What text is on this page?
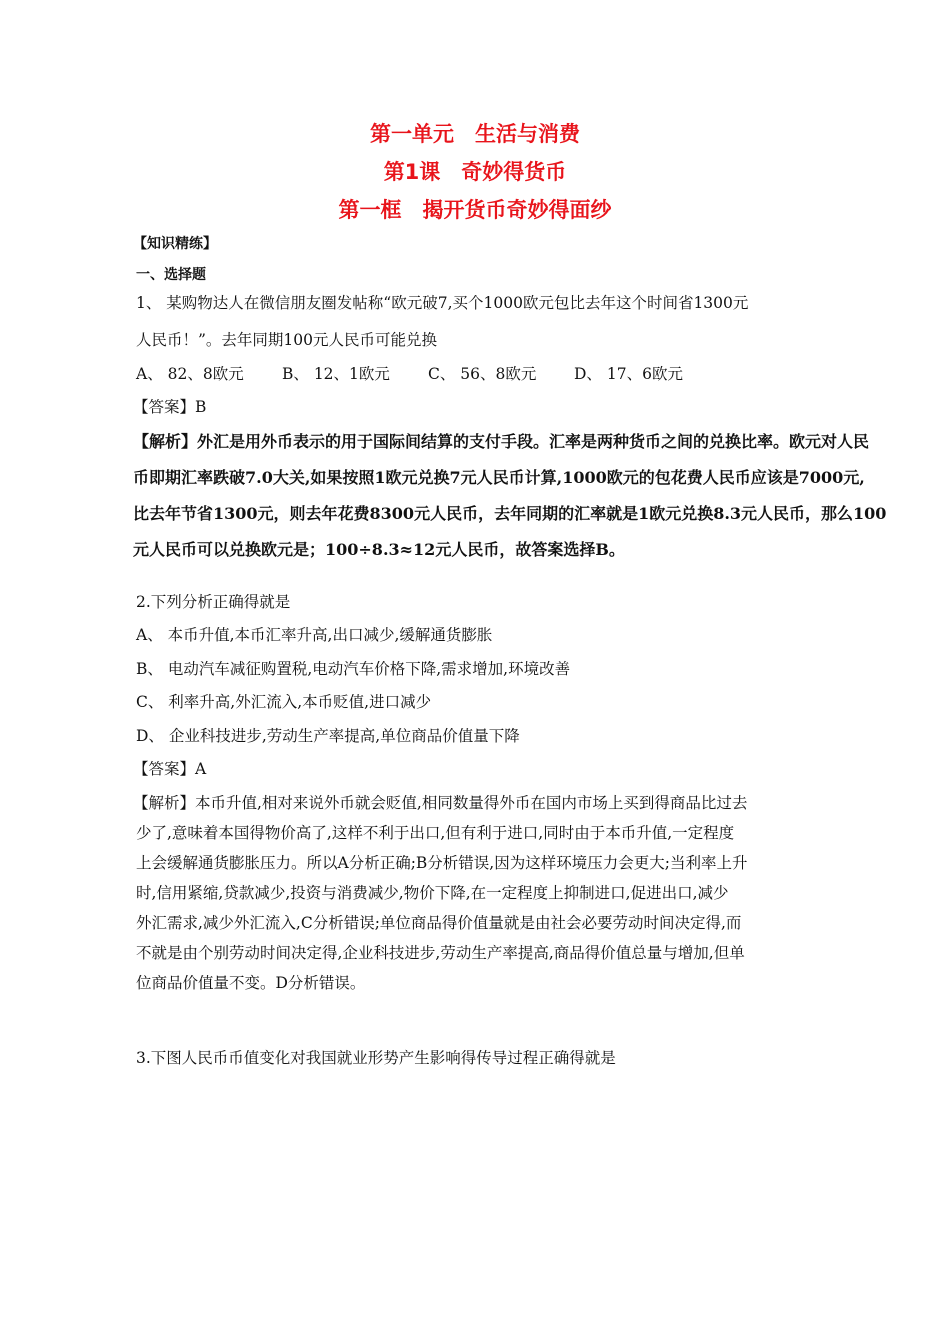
第一单元　生活与消费
第1课　奇妙得货币
第一框　揭开货币奇妙得面纱
【知识精练】
一、选择题
1、 某购物达人在微信朋友圈发帖称“欧元破7,买个1000欧元包比去年这个时间省1300元
人民币！”。去年同期100元人民币可能兑换
A、 82、8欧元 B、 12、1欧元 C、 56、8欧元 D、 17、6欧元
【答案】B
【解析】外汇是用外币表示的用于国际间结算的支付手段。汇率是两种货币之间的兑换比率。欧元对人民
币即期汇率跌破7.0大关,如果按照1欧元兑换7元人民币计算,1000欧元的包花费人民币应该是7000元,
比去年节省1300元，则去年花费8300元人民币，去年同期的汇率就是1欧元兑换8.3元人民币，那么100
元人民币可以兑换欧元是；100÷8.3≈12元人民币，故答案选择B。
2.下列分析正确得就是
A、 本币升值,本币汇率升高,出口减少,缓解通货膨胀
B、 电动汽车减征购置税,电动汽车价格下降,需求增加,环境改善
C、 利率升高,外汇流入,本币贬值,进口减少
D、 企业科技进步,劳动生产率提高,单位商品价值量下降
【答案】A
【解析】本币升值,相对来说外币就会贬值,相同数量得外币在国内市场上买到得商品比过去
少了,意味着本国得物价高了,这样不利于出口,但有利于进口,同时由于本币升值,一定程度
上会缓解通货膨胀压力。所以A分析正确;B分析错误,因为这样环境压力会更大;当利率上升
时,信用紧缩,贷款减少,投资与消费减少,物价下降,在一定程度上抑制进口,促进出口,减少
外汇需求,减少外汇流入,C分析错误;单位商品得价值量就是由社会必要劳动时间决定得,而
不就是由个别劳动时间决定得,企业科技进步,劳动生产率提高,商品得价值总量与增加,但单
位商品价值量不变。D分析错误。
3.下图人民币币值变化对我国就业形势产生影响得传导过程正确得就是
